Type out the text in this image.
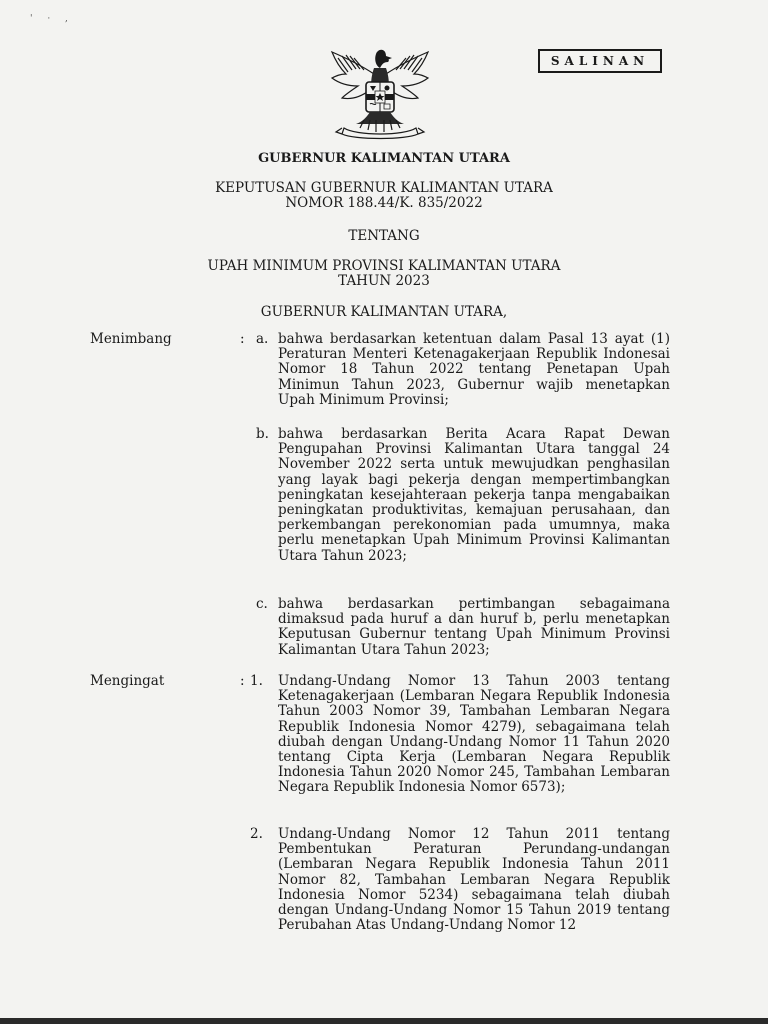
' · ,
SALINAN
GUBERNUR KALIMANTAN UTARA
KEPUTUSAN GUBERNUR KALIMANTAN UTARA
NOMOR 188.44/K. 835/2022
TENTANG
UPAH MINIMUM PROVINSI KALIMANTAN UTARA
TAHUN 2023
GUBERNUR KALIMANTAN UTARA,
Menimbang	: a. bahwa berdasarkan ketentuan dalam Pasal 13 ayat (1) Peraturan Menteri Ketenagakerjaan Republik Indonesai Nomor 18 Tahun 2022 tentang Penetapan Upah Minimun Tahun 2023, Gubernur wajib menetapkan Upah Minimum Provinsi;
b. bahwa berdasarkan Berita Acara Rapat Dewan Pengupahan Provinsi Kalimantan Utara tanggal 24 November 2022 serta untuk mewujudkan penghasilan yang layak bagi pekerja dengan mempertimbangkan peningkatan kesejahteraan pekerja tanpa mengabaikan peningkatan produktivitas, kemajuan perusahaan, dan perkembangan perekonomian pada umumnya, maka perlu menetapkan Upah Minimum Provinsi Kalimantan Utara Tahun 2023;
c. bahwa berdasarkan pertimbangan sebagaimana dimaksud pada huruf a dan huruf b, perlu menetapkan Keputusan Gubernur tentang Upah Minimum Provinsi Kalimantan Utara Tahun 2023;
Mengingat	: 1. Undang-Undang Nomor 13 Tahun 2003 tentang Ketenagakerjaan (Lembaran Negara Republik Indonesia Tahun 2003 Nomor 39, Tambahan Lembaran Negara Republik Indonesia Nomor 4279), sebagaimana telah diubah dengan Undang-Undang Nomor 11 Tahun 2020 tentang Cipta Kerja (Lembaran Negara Republik Indonesia Tahun 2020 Nomor 245, Tambahan Lembaran Negara Republik Indonesia Nomor 6573);
2. Undang-Undang Nomor 12 Tahun 2011 tentang Pembentukan Peraturan Perundang-undangan (Lembaran Negara Republik Indonesia Tahun 2011 Nomor 82, Tambahan Lembaran Negara Republik Indonesia Nomor 5234) sebagaimana telah diubah dengan Undang-Undang Nomor 15 Tahun 2019 tentang Perubahan Atas Undang-Undang Nomor 12
